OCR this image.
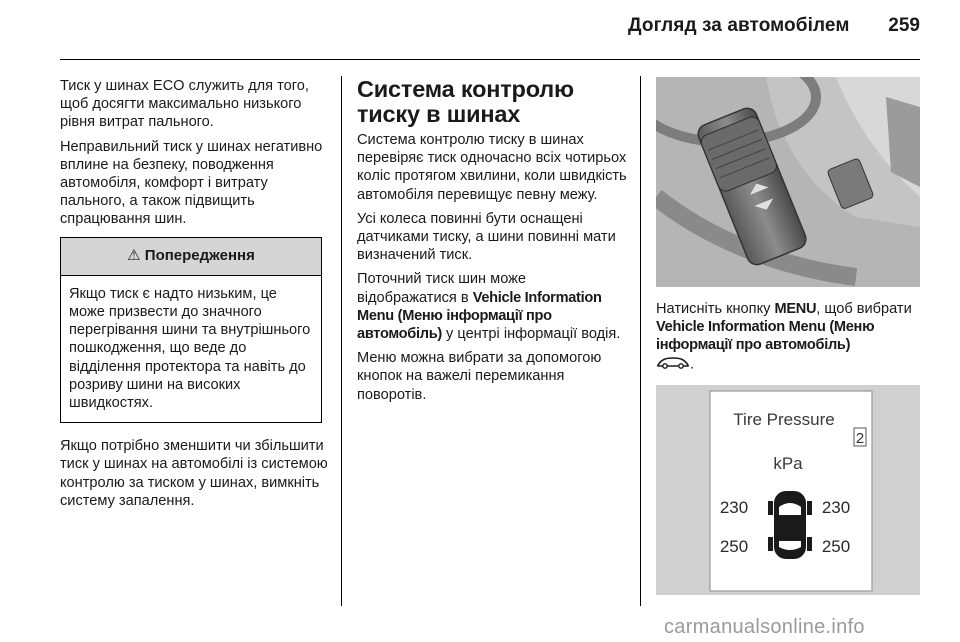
Догляд за автомобілем 259

Тиск у шинах ECO служить для того, щоб досягти максимально низького рівня витрат пального.

Неправильний тиск у шинах негативно вплине на безпеку, поводження автомобіля, комфорт і витрату пального, а також підвищить спрацювання шин.

⚠ Попередження
Якщо тиск є надто низьким, це може призвести до значного перегрівання шини та внутрішнього пошкодження, що веде до відділення протектора та навіть до розриву шини на високих швидкостях.

Якщо потрібно зменшити чи збільшити тиск у шинах на автомобілі із системою контролю за тиском у шинах, вимкніть систему запалення.

Система контролю тиску в шинах

Система контролю тиску в шинах перевіряє тиск одночасно всіх чотирьох коліс протягом хвилини, коли швидкість автомобіля перевищує певну межу.

Усі колеса повинні бути оснащені датчиками тиску, а шини повинні мати визначений тиск.

Поточний тиск шин може відображатися в Vehicle Information Menu (Меню інформації про автомобіль) у центрі інформації водія.

Меню можна вибрати за допомогою кнопок на важелі перемикання поворотів.

Натисніть кнопку MENU, щоб вибрати Vehicle Information Menu (Меню інформації про автомобіль)
.

Tire Pressure
2
kPa
230	230
250	250
carmanualsonline.info
